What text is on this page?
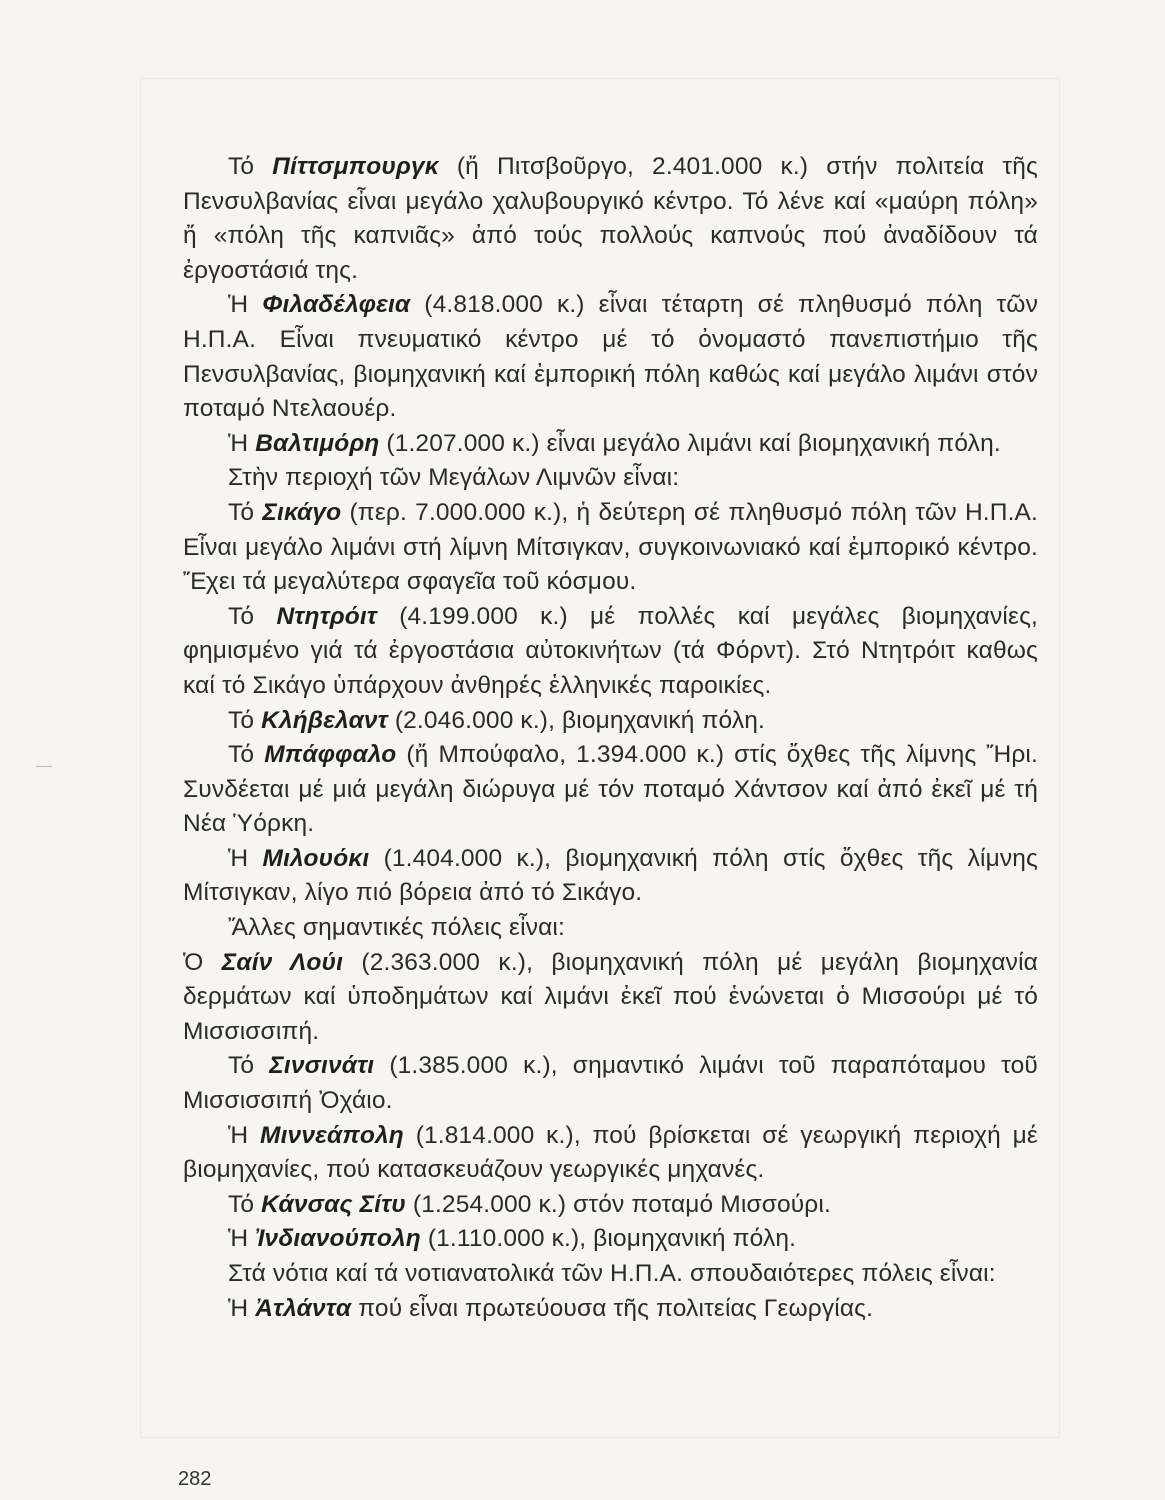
Τό Πίττσμπουργκ (ἤ Πιτσβοῦργο, 2.401.000 κ.) στήν πολιτεία τῆς Πενσυλβανίας εἶναι μεγάλο χαλυβουργικό κέντρο. Τό λένε καί «μαύρη πόλη» ἤ «πόλη τῆς καπνιᾶς» ἀπό τούς πολλούς καπνούς πού ἀναδίδουν τά ἐργοστάσιά της.

Ἡ Φιλαδέλφεια (4.818.000 κ.) εἶναι τέταρτη σέ πληθυσμό πόλη τῶν Η.Π.Α. Εἶναι πνευματικό κέντρο μέ τό ὀνομαστό πανεπιστήμιο τῆς Πενσυλβανίας, βιομηχανική καί ἐμπορική πόλη καθώς καί μεγάλο λιμάνι στόν ποταμό Ντελαουέρ.

Ἡ Βαλτιμόρη (1.207.000 κ.) εἶναι μεγάλο λιμάνι καί βιομηχανική πόλη.

Στὴν περιοχή τῶν Μεγάλων Λιμνῶν εἶναι:

Τό Σικάγο (περ. 7.000.000 κ.), ἡ δεύτερη σέ πληθυσμό πόλη τῶν Η.Π.Α. Εἶναι μεγάλο λιμάνι στή λίμνη Μίτσιγκαν, συγκοινωνιακό καί ἐμπορικό κέντρο. Ἔχει τά μεγαλύτερα σφαγεῖα τοῦ κόσμου.

Τό Ντητρόιτ (4.199.000 κ.) μέ πολλές καί μεγάλες βιομηχανίες, φημισμένο γιά τά ἐργοστάσια αὐτοκινήτων (τά Φόρντ). Στό Ντητρόιτ καθως καί τό Σικάγο ὑπάρχουν ἀνθηρές ἑλληνικές παροικίες.

Τό Κλήβελαντ (2.046.000 κ.), βιομηχανική πόλη.

Τό Μπάφφαλο (ἤ Μπούφαλο, 1.394.000 κ.) στίς ὄχθες τῆς λίμνης Ἤρι. Συνδέεται μέ μιά μεγάλη διώρυγα μέ τόν ποταμό Χάντσον καί ἀπό ἐκεῖ μέ τή Νέα Ὑόρκη.

Ἡ Μιλουόκι (1.404.000 κ.), βιομηχανική πόλη στίς ὄχθες τῆς λίμνης Μίτσιγκαν, λίγο πιό βόρεια ἀπό τό Σικάγο.

Ἄλλες σημαντικές πόλεις εἶναι:

Ὁ Σαίν Λούι (2.363.000 κ.), βιομηχανική πόλη μέ μεγάλη βιομηχανία δερμάτων καί ὑποδημάτων καί λιμάνι ἐκεῖ πού ἑνώνεται ὁ Μισσούρι μέ τό Μισσισσιπή.

Τό Σινσινάτι (1.385.000 κ.), σημαντικό λιμάνι τοῦ παραπόταμου τοῦ Μισσισσιπή Ὀχάιο.

Ἡ Μιννεάπολη (1.814.000 κ.), πού βρίσκεται σέ γεωργική περιοχή μέ βιομηχανίες, πού κατασκευάζουν γεωργικές μηχανές.

Τό Κάνσας Σίτυ (1.254.000 κ.) στόν ποταμό Μισσούρι.

Ἡ Ἰνδιανούπολη (1.110.000 κ.), βιομηχανική πόλη.

Στά νότια καί τά νοτιανατολικά τῶν Η.Π.Α. σπουδαιότερες πόλεις εἶναι:

Ἡ Ἀτλάντα πού εἶναι πρωτεύουσα τῆς πολιτείας Γεωργίας.

282
